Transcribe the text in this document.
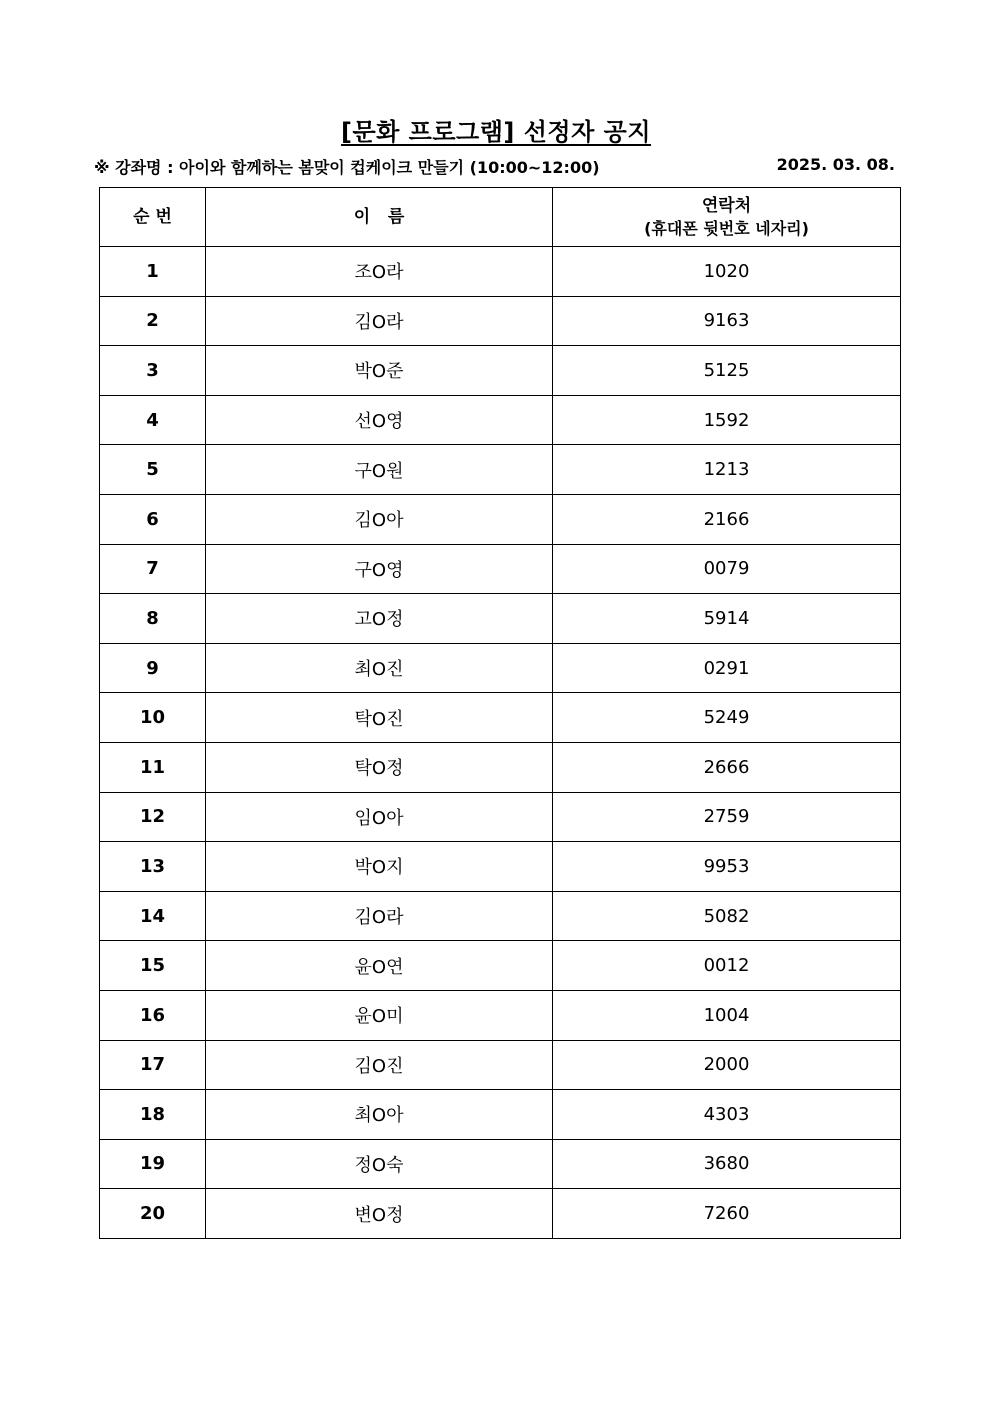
[문화 프로그램] 선정자 공지
※ 강좌명 : 아이와 함께하는 봄맞이 컵케이크 만들기 (10:00~12:00)	2025. 03. 08.
순 번	이   름	연락처
(휴대폰 뒷번호 네자리)

1	조O라	1020
2	김O라	9163
3	박O준	5125
4	선O영	1592
5	구O원	1213
6	김O아	2166
7	구O영	0079
8	고O정	5914
9	최O진	0291
10	탁O진	5249
11	탁O정	2666
12	임O아	2759
13	박O지	9953
14	김O라	5082
15	윤O연	0012
16	윤O미	1004
17	김O진	2000
18	최O아	4303
19	정O숙	3680
20	변O정	7260
